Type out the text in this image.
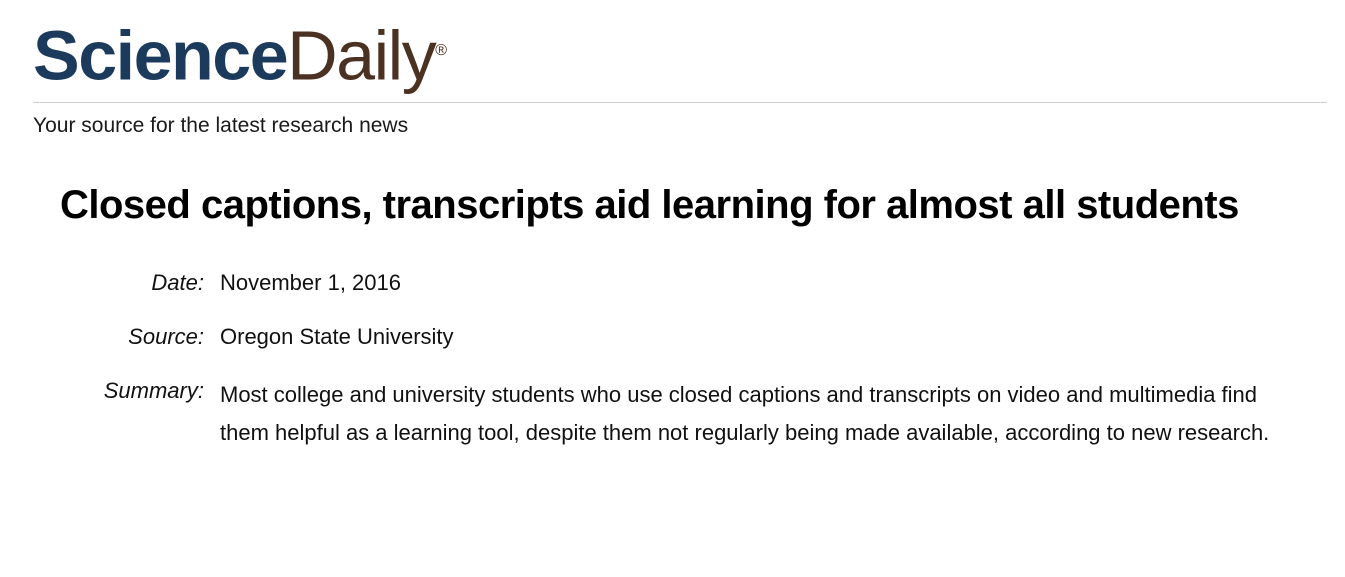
ScienceDaily®
Your source for the latest research news
Closed captions, transcripts aid learning for almost all students
Date: November 1, 2016
Source: Oregon State University
Summary: Most college and university students who use closed captions and transcripts on video and multimedia find them helpful as a learning tool, despite them not regularly being made available, according to new research.
